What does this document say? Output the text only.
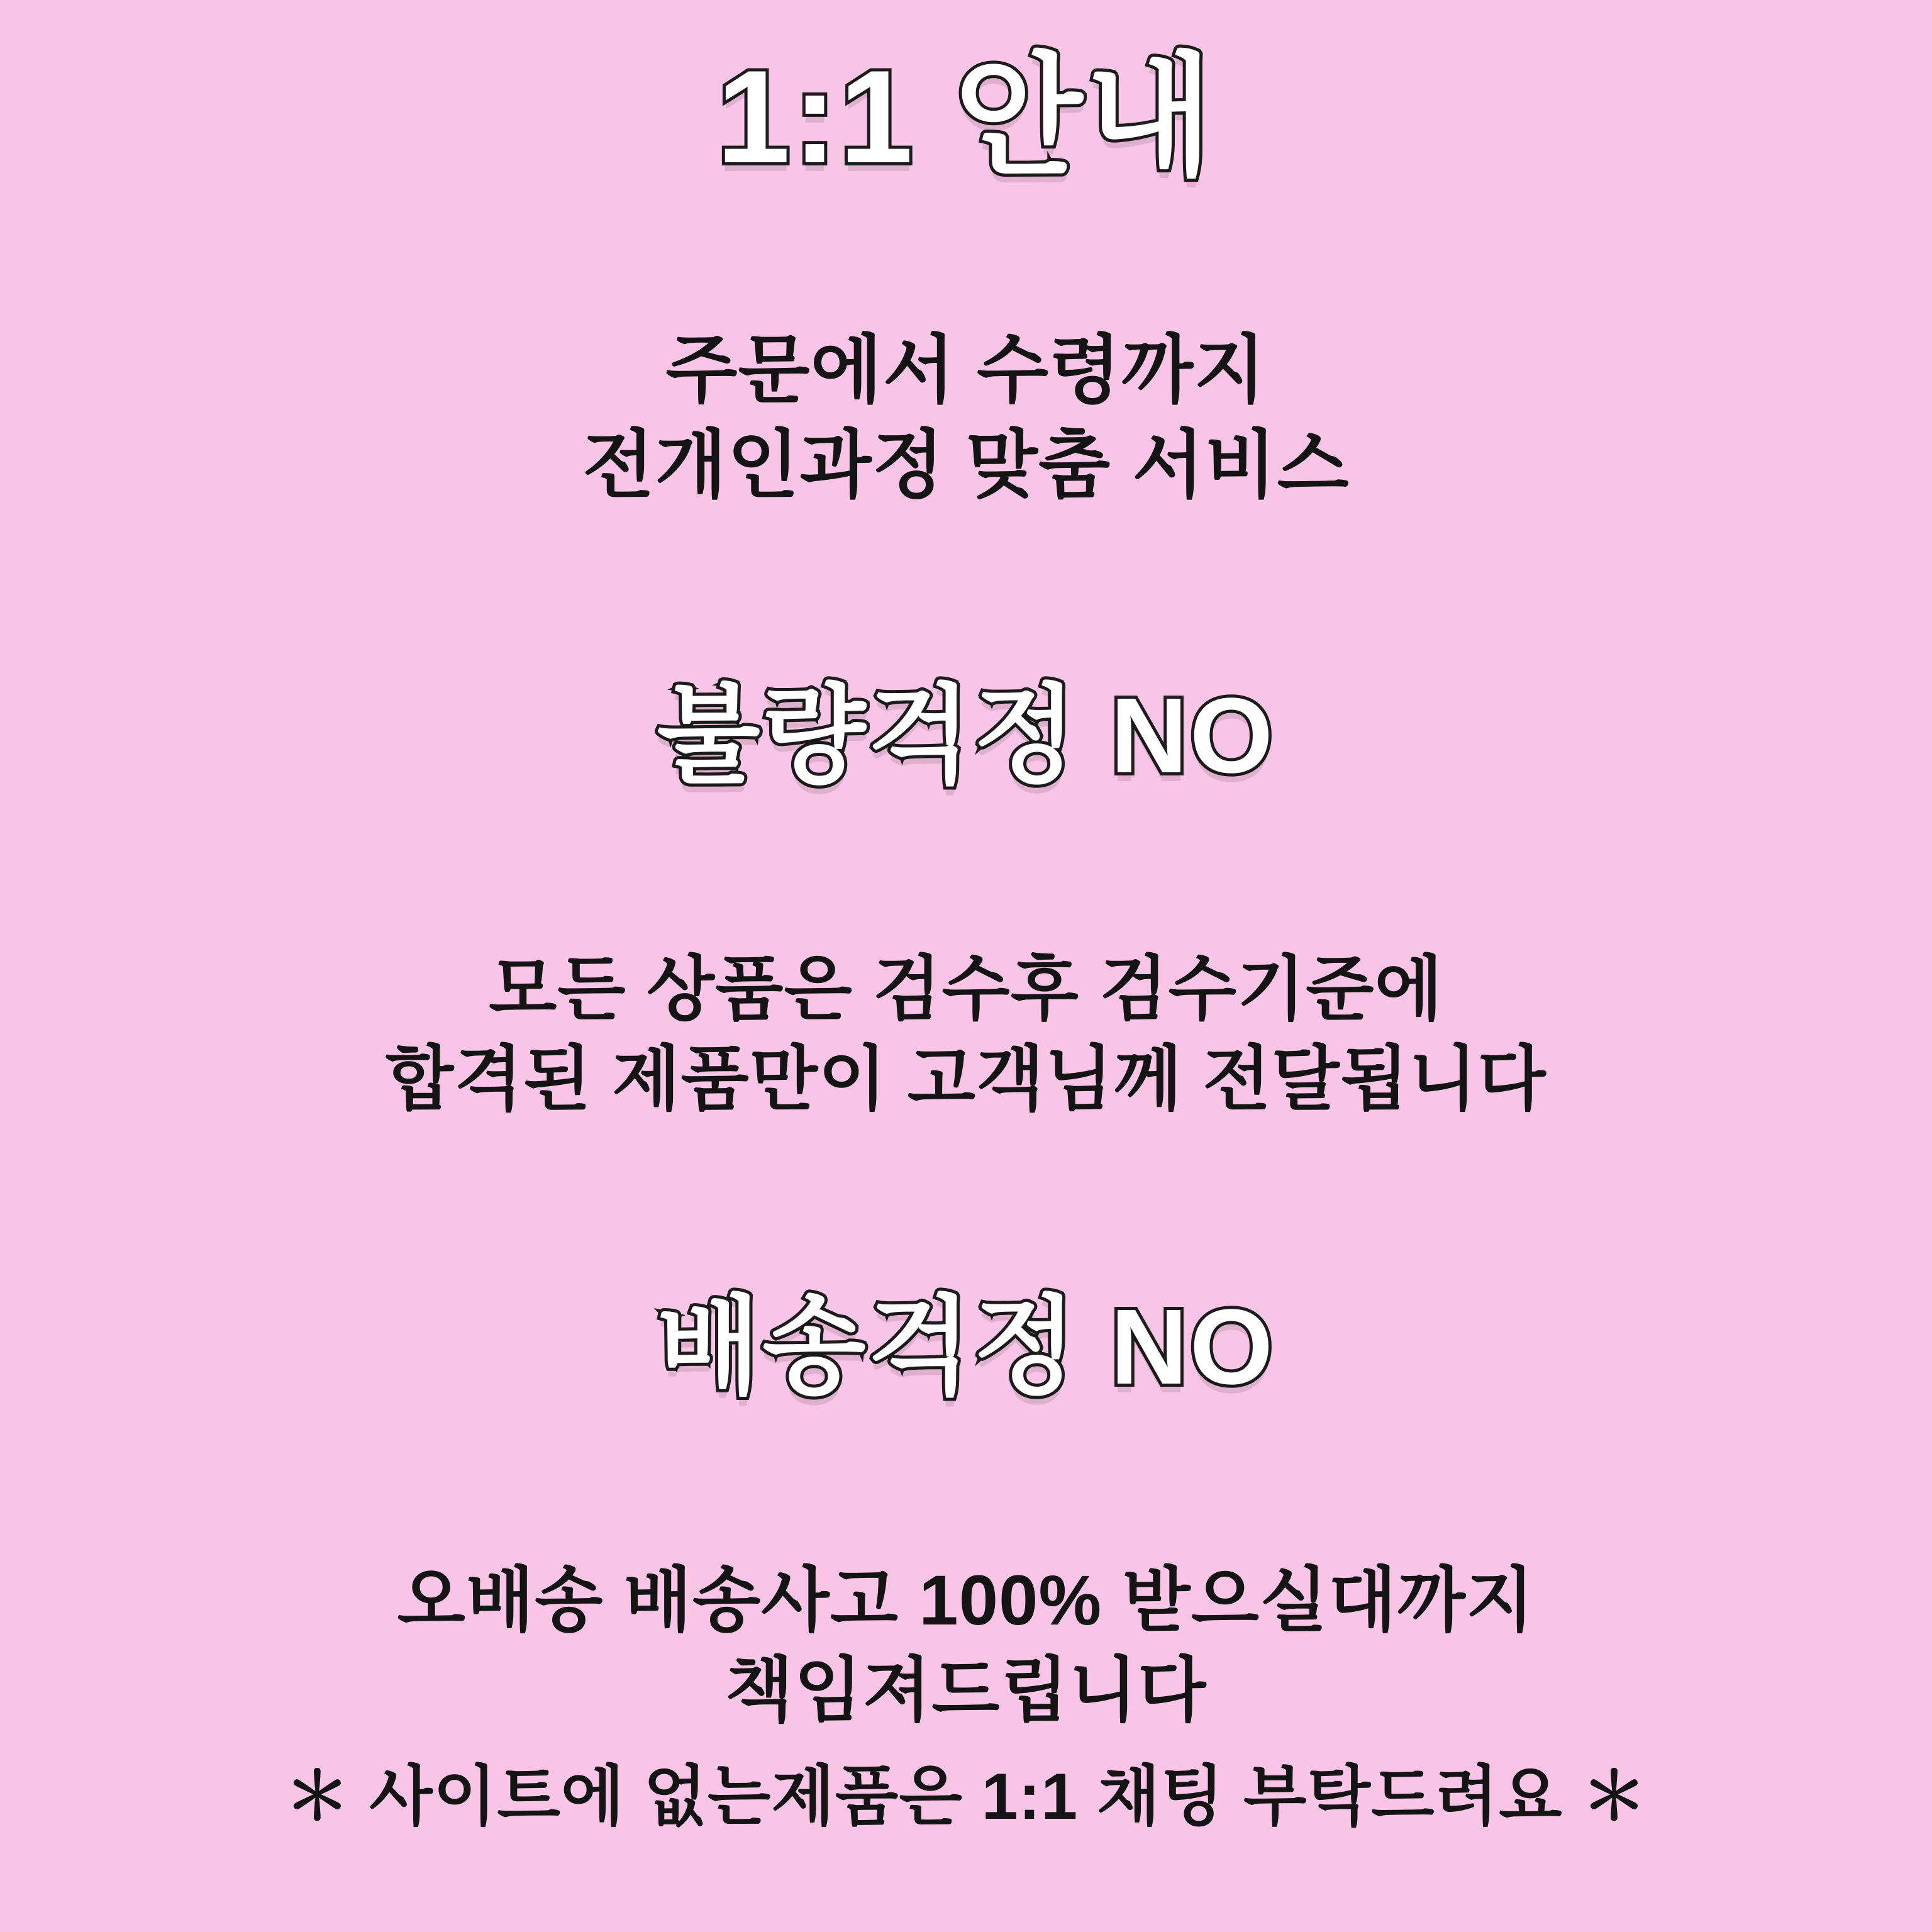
1:1 안내
주문에서 수령까지
전개인과정 맞춤 서비스
불량걱정 NO
모든 상품은 검수후 검수기준에
합격된 제품만이 고객님께 전달됩니다
배송걱정 NO
오배송 배송사고 100% 받으실대까지
책임져드립니다
＊ 사이트에 없는제품은 1:1 채팅 부탁드려요 ＊
